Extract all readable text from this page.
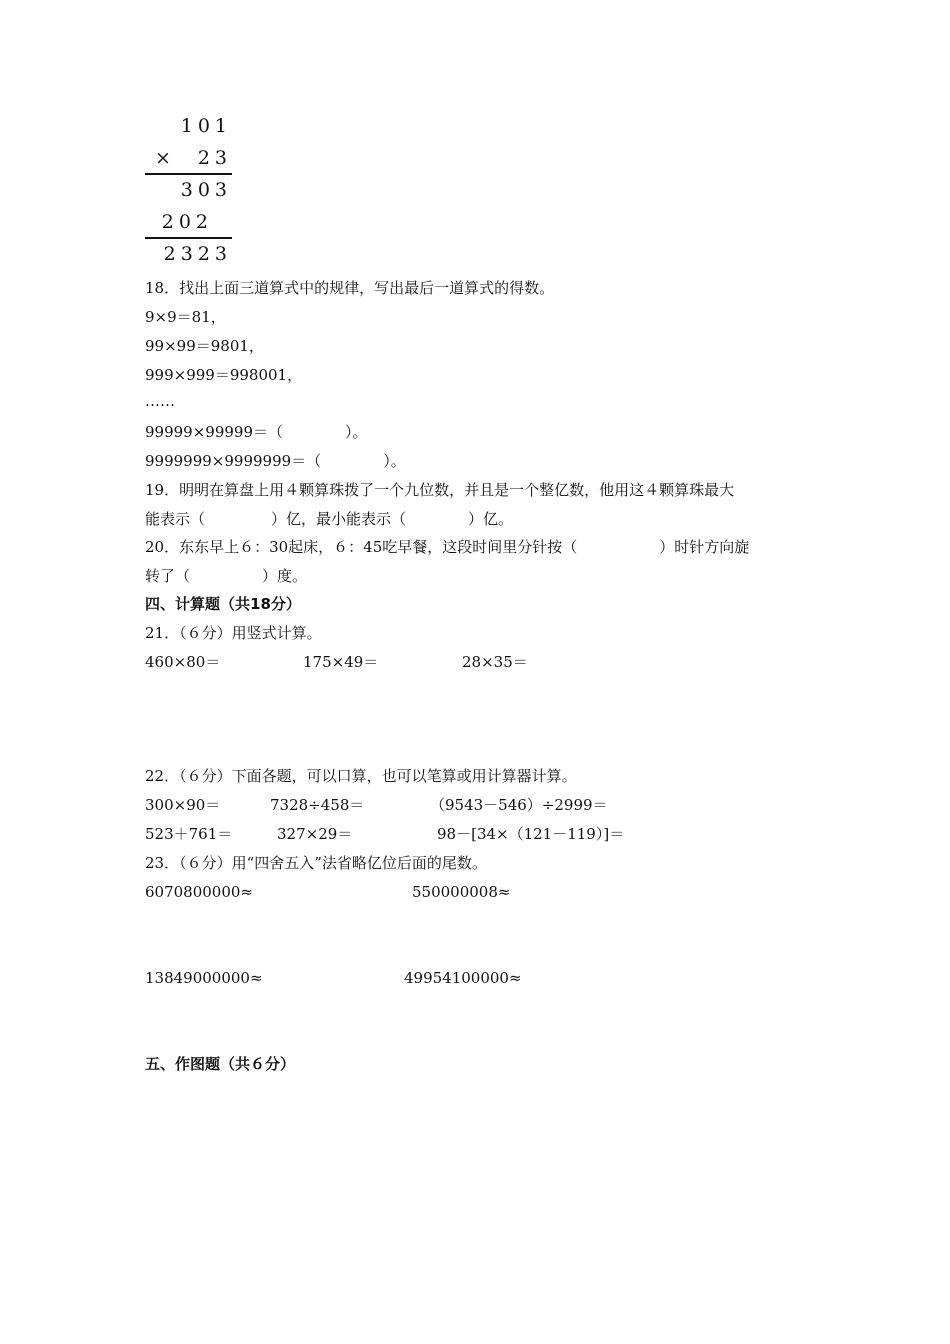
101
×	23
303
202
2323
18．找出上面三道算式中的规律，写出最后一道算式的得数。
9×9＝81，
99×99＝9801，
999×999＝998001，
……
99999×99999＝（	）。
9999999×9999999＝（	）。
19．明明在算盘上用４颗算珠拨了一个九位数，并且是一个整亿数，他用这４颗算珠最大
能表示（	）亿，最小能表示（	）亿。
20．东东早上６：30起床，６：45吃早餐，这段时间里分针按（	）时针方向旋
转了（	）度。
四、计算题（共18分）
21．（６分）用竖式计算。
460×80＝	175×49＝	28×35＝
22．（６分）下面各题，可以口算，也可以笔算或用计算器计算。
300×90＝	7328÷458＝	（9543－546）÷2999＝
523＋761＝	327×29＝	98－[34×（121－119）]＝
23．（６分）用“四舍五入”法省略亿位后面的尾数。
6070800000≈	550000008≈
13849000000≈	49954100000≈
五、作图题（共６分）
